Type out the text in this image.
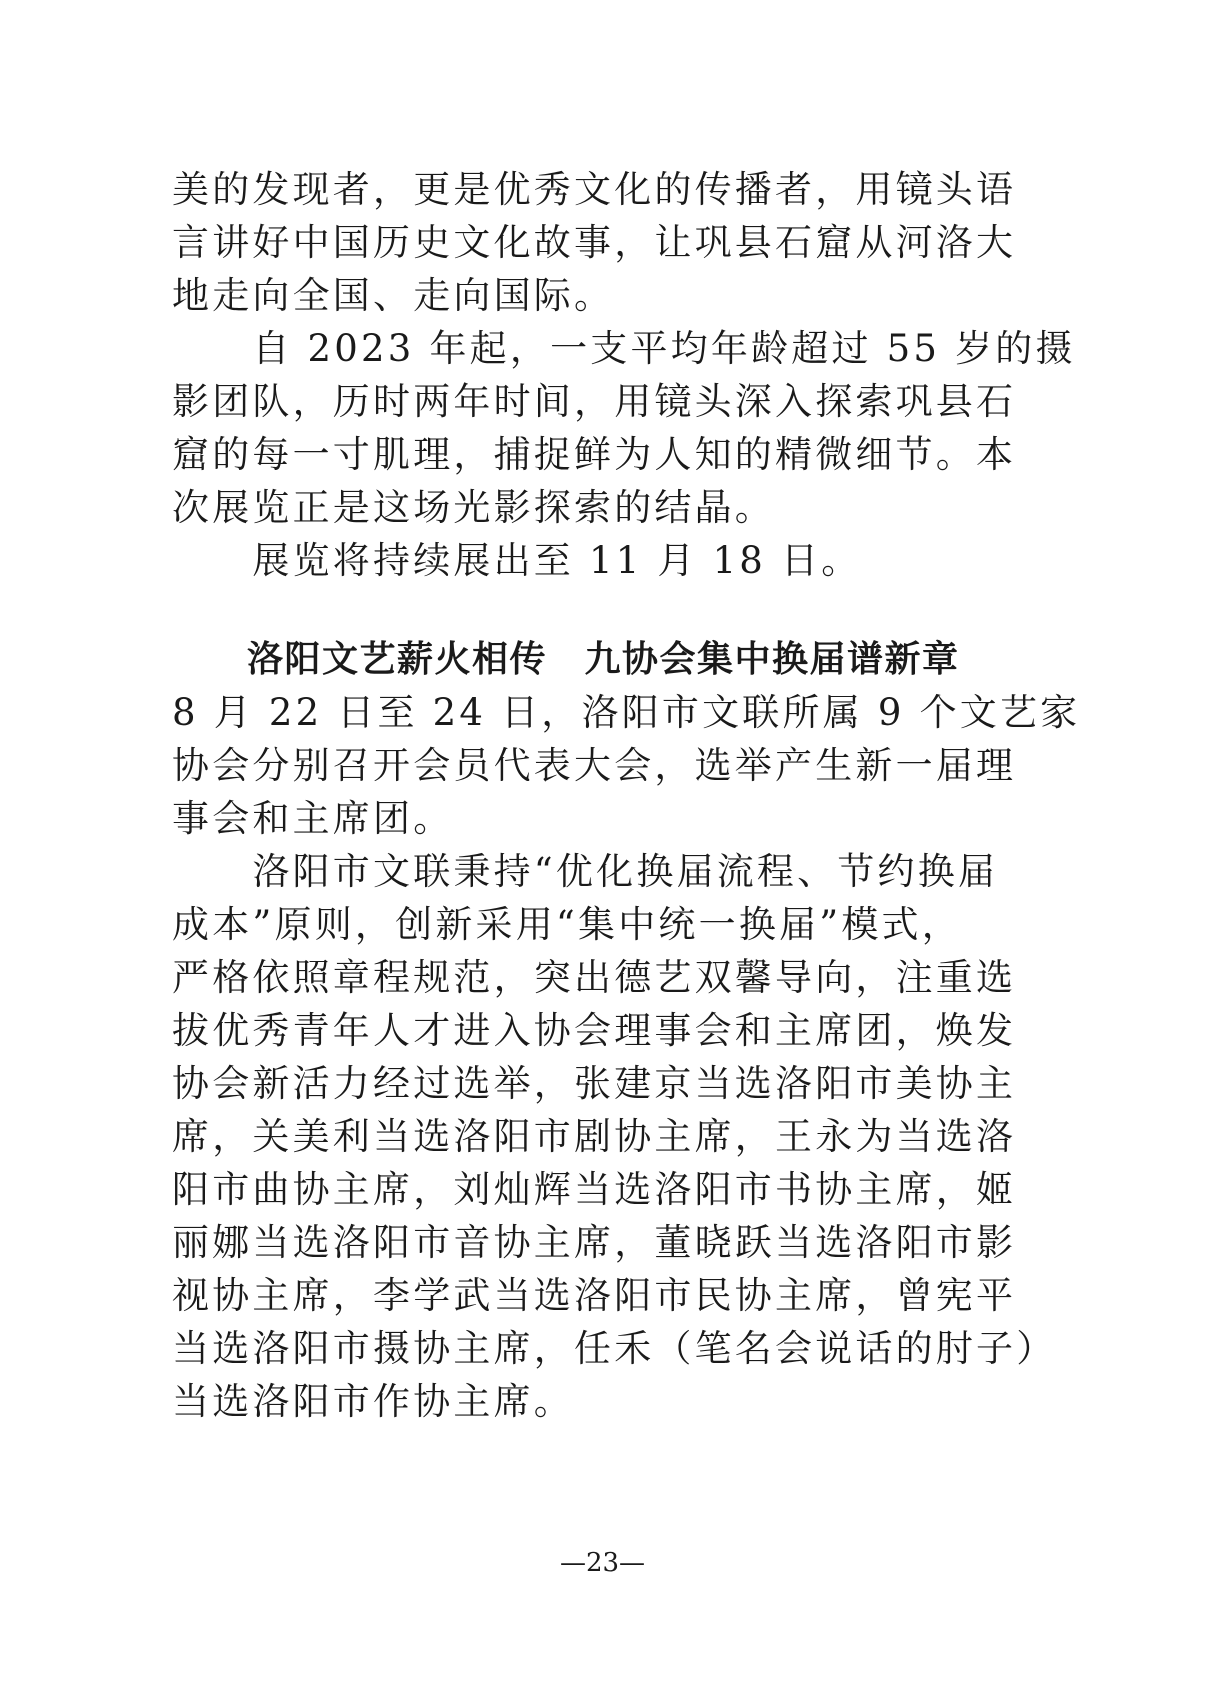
美的发现者，更是优秀文化的传播者，用镜头语
言讲好中国历史文化故事，让巩县石窟从河洛大
地走向全国、走向国际。
　　自 2023 年起，一支平均年龄超过 55 岁的摄
影团队，历时两年时间，用镜头深入探索巩县石
窟的每一寸肌理，捕捉鲜为人知的精微细节。本
次展览正是这场光影探索的结晶。
　　展览将持续展出至 11 月 18 日。
　　洛阳文艺薪火相传　九协会集中换届谱新章
8 月 22 日至 24 日，洛阳市文联所属 9 个文艺家
协会分别召开会员代表大会，选举产生新一届理
事会和主席团。
　　洛阳市文联秉持“优化换届流程、节约换届
成本”原则，创新采用“集中统一换届”模式，
严格依照章程规范，突出德艺双馨导向，注重选
拔优秀青年人才进入协会理事会和主席团，焕发
协会新活力经过选举，张建京当选洛阳市美协主
席，关美利当选洛阳市剧协主席，王永为当选洛
阳市曲协主席，刘灿辉当选洛阳市书协主席，姬
丽娜当选洛阳市音协主席，董晓跃当选洛阳市影
视协主席，李学武当选洛阳市民协主席，曾宪平
当选洛阳市摄协主席，任禾（笔名会说话的肘子）
当选洛阳市作协主席。
—23—
